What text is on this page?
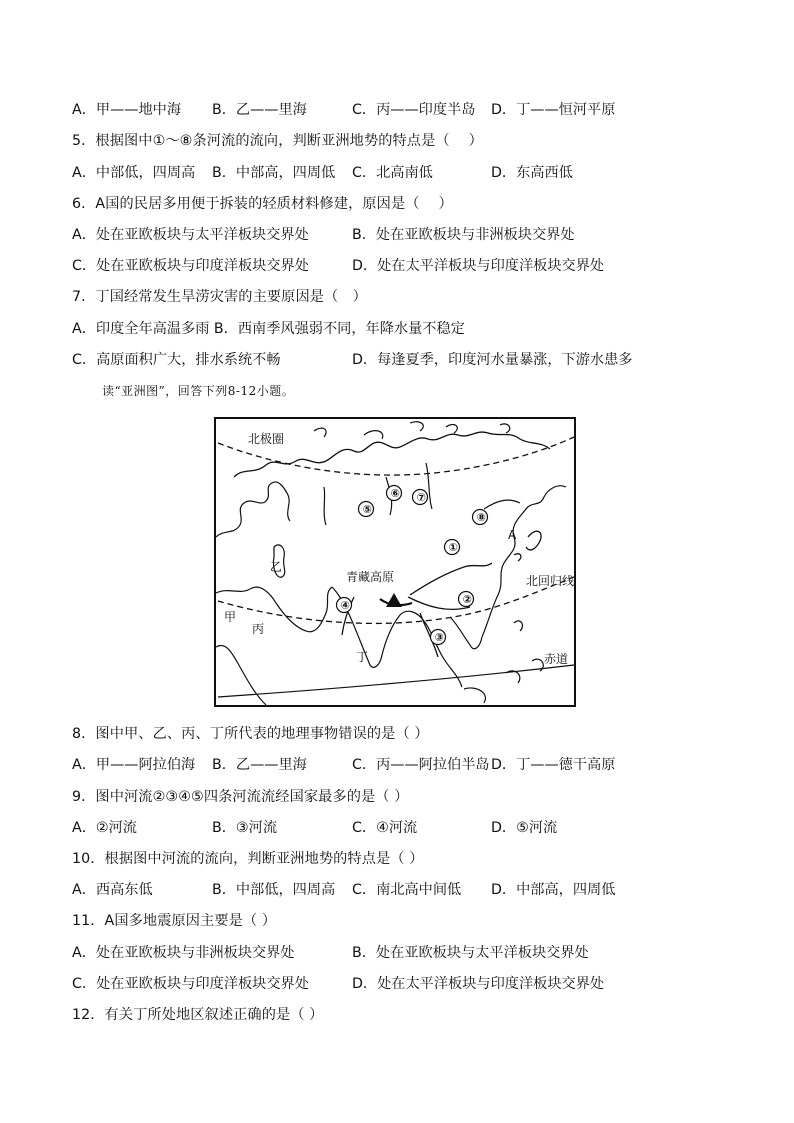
A．甲——地中海 B．乙——里海	C．丙——印度半岛 D．丁——恒河平原
5．根据图中①～⑧条河流的流向，判断亚洲地势的特点是（　 ）
A．中部低，四周高 B．中部高，四周低 C．北高南低	D．东高西低
6．A国的民居多用便于拆装的轻质材料修建，原因是（　 ）
A．处在亚欧板块与太平洋板块交界处	B．处在亚欧板块与非洲板块交界处
C．处在亚欧板块与印度洋板块交界处	D．处在太平洋板块与印度洋板块交界处
7．丁国经常发生旱涝灾害的主要原因是（　）
A．印度全年高温多雨 B．西南季风强弱不同，年降水量不稳定
C．高原面积广大，排水系统不畅	D．每逢夏季，印度河水量暴涨，下游水患多
读“亚洲图”，回答下列8-12小题。
北极圈
北回归线
赤道
青藏高原
A
甲
乙
丙
丁
①
②
③
④
⑤
⑥ ⑦
⑧
8．图中甲、乙、丙、丁所代表的地理事物错误的是（ ）
A．甲——阿拉伯海 B．乙——里海	C．丙——阿拉伯半岛 D．丁——德干高原
9．图中河流②③④⑤四条河流流经国家最多的是（ ）
A．②河流	B．③河流	C．④河流	D．⑤河流
10．根据图中河流的流向，判断亚洲地势的特点是（ ）
A．西高东低	B．中部低，四周高 C．南北高中间低 D．中部高，四周低
11．A国多地震原因主要是（ ）
A．处在亚欧板块与非洲板块交界处	B．处在亚欧板块与太平洋板块交界处
C．处在亚欧板块与印度洋板块交界处	D．处在太平洋板块与印度洋板块交界处
12．有关丁所处地区叙述正确的是（ ）
